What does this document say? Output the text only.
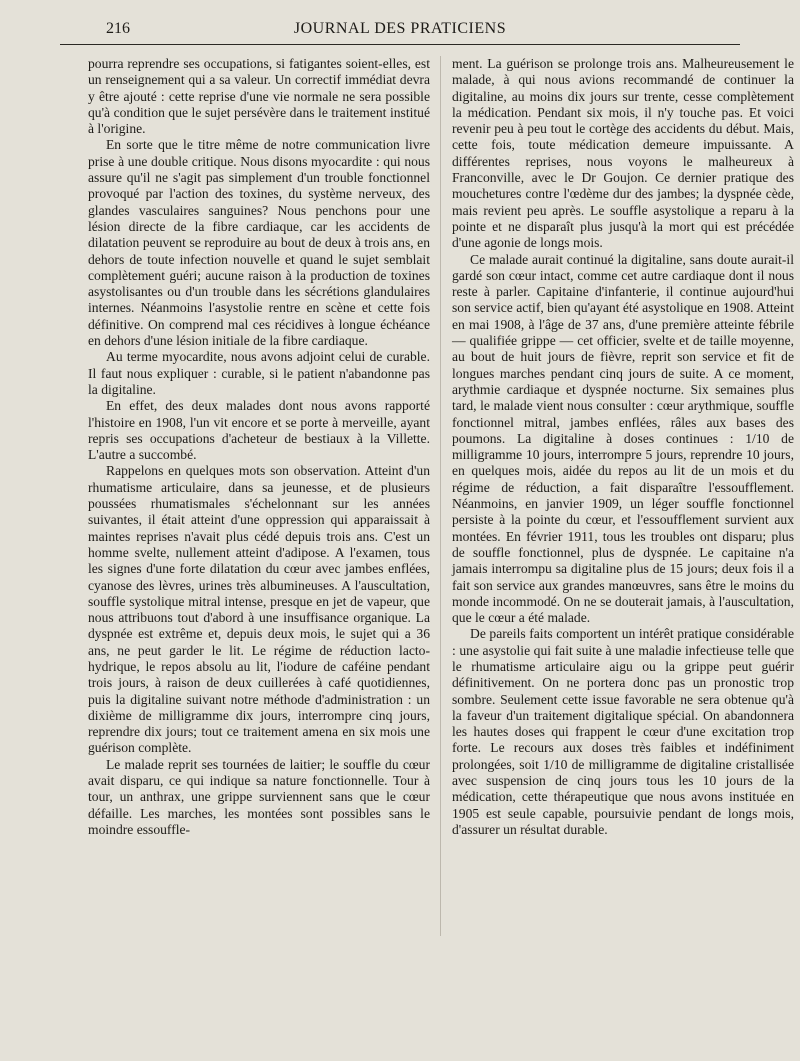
216	JOURNAL DES PRATICIENS

pourra reprendre ses occupations, si fatigantes soient-elles, est un renseignement qui a sa valeur. Un correctif immédiat devra y être ajouté : cette reprise d'une vie normale ne sera possible qu'à condition que le sujet persévère dans le traitement institué à l'origine.

En sorte que le titre même de notre communication livre prise à une double critique. Nous disons myocardite : qui nous assure qu'il ne s'agit pas simplement d'un trouble fonctionnel provoqué par l'action des toxines, du système nerveux, des glandes vasculaires sanguines? Nous penchons pour une lésion directe de la fibre cardiaque, car les accidents de dilatation peuvent se reproduire au bout de deux à trois ans, en dehors de toute infection nouvelle et quand le sujet semblait complètement guéri; aucune raison à la production de toxines asystolisantes ou d'un trouble dans les sécrétions glandulaires internes. Néanmoins l'asystolie rentre en scène et cette fois définitive. On comprend mal ces récidives à longue échéance en dehors d'une lésion initiale de la fibre cardiaque.

Au terme myocardite, nous avons adjoint celui de curable. Il faut nous expliquer : curable, si le patient n'abandonne pas la digitaline.

En effet, des deux malades dont nous avons rapporté l'histoire en 1908, l'un vit encore et se porte à merveille, ayant repris ses occupations d'acheteur de bestiaux à la Villette. L'autre a succombé.

Rappelons en quelques mots son observation. Atteint d'un rhumatisme articulaire, dans sa jeunesse, et de plusieurs poussées rhumatismales s'échelonnant sur les années suivantes, il était atteint d'une oppression qui apparaissait à maintes reprises n'avait plus cédé depuis trois ans. C'est un homme svelte, nullement atteint d'adipose. A l'examen, tous les signes d'une forte dilatation du cœur avec jambes enflées, cyanose des lèvres, urines très albumineuses. A l'auscultation, souffle systolique mitral intense, presque en jet de vapeur, que nous attribuons tout d'abord à une insuffisance organique. La dyspnée est extrême et, depuis deux mois, le sujet qui a 36 ans, ne peut garder le lit. Le régime de réduction lacto-hydrique, le repos absolu au lit, l'iodure de caféine pendant trois jours, à raison de deux cuillerées à café quotidiennes, puis la digitaline suivant notre méthode d'administration : un dixième de milligramme dix jours, interrompre cinq jours, reprendre dix jours; tout ce traitement amena en six mois une guérison complète.

Le malade reprit ses tournées de laitier; le souffle du cœur avait disparu, ce qui indique sa nature fonctionnelle. Tour à tour, un anthrax, une grippe surviennent sans que le cœur défaille. Les marches, les montées sont possibles sans le moindre essouffle-

ment. La guérison se prolonge trois ans. Malheureusement le malade, à qui nous avions recommandé de continuer la digitaline, au moins dix jours sur trente, cesse complètement la médication. Pendant six mois, il n'y touche pas. Et voici revenir peu à peu tout le cortège des accidents du début. Mais, cette fois, toute médication demeure impuissante. A différentes reprises, nous voyons le malheureux à Franconville, avec le Dr Goujon. Ce dernier pratique des mouchetures contre l'œdème dur des jambes; la dyspnée cède, mais revient peu après. Le souffle asystolique a reparu à la pointe et ne disparaît plus jusqu'à la mort qui est précédée d'une agonie de longs mois.

Ce malade aurait continué la digitaline, sans doute aurait-il gardé son cœur intact, comme cet autre cardiaque dont il nous reste à parler. Capitaine d'infanterie, il continue aujourd'hui son service actif, bien qu'ayant été asystolique en 1908. Atteint en mai 1908, à l'âge de 37 ans, d'une première atteinte fébrile — qualifiée grippe — cet officier, svelte et de taille moyenne, au bout de huit jours de fièvre, reprit son service et fit de longues marches pendant cinq jours de suite. A ce moment, arythmie cardiaque et dyspnée nocturne. Six semaines plus tard, le malade vient nous consulter : cœur arythmique, souffle fonctionnel mitral, jambes enflées, râles aux bases des poumons. La digitaline à doses continues : 1/10 de milligramme 10 jours, interrompre 5 jours, reprendre 10 jours, en quelques mois, aidée du repos au lit de un mois et du régime de réduction, a fait disparaître l'essoufflement. Néanmoins, en janvier 1909, un léger souffle fonctionnel persiste à la pointe du cœur, et l'essoufflement survient aux montées. En février 1911, tous les troubles ont disparu; plus de souffle fonctionnel, plus de dyspnée. Le capitaine n'a jamais interrompu sa digitaline plus de 15 jours; deux fois il a fait son service aux grandes manœuvres, sans être le moins du monde incommodé. On ne se douterait jamais, à l'auscultation, que le cœur a été malade.

De pareils faits comportent un intérêt pratique considérable : une asystolie qui fait suite à une maladie infectieuse telle que le rhumatisme articulaire aigu ou la grippe peut guérir définitivement. On ne portera donc pas un pronostic trop sombre. Seulement cette issue favorable ne sera obtenue qu'à la faveur d'un traitement digitalique spécial. On abandonnera les hautes doses qui frappent le cœur d'une excitation trop forte. Le recours aux doses très faibles et indéfiniment prolongées, soit 1/10 de milligramme de digitaline cristallisée avec suspension de cinq jours tous les 10 jours de la médication, cette thérapeutique que nous avons instituée en 1905 est seule capable, poursuivie pendant de longs mois, d'assurer un résultat durable.
